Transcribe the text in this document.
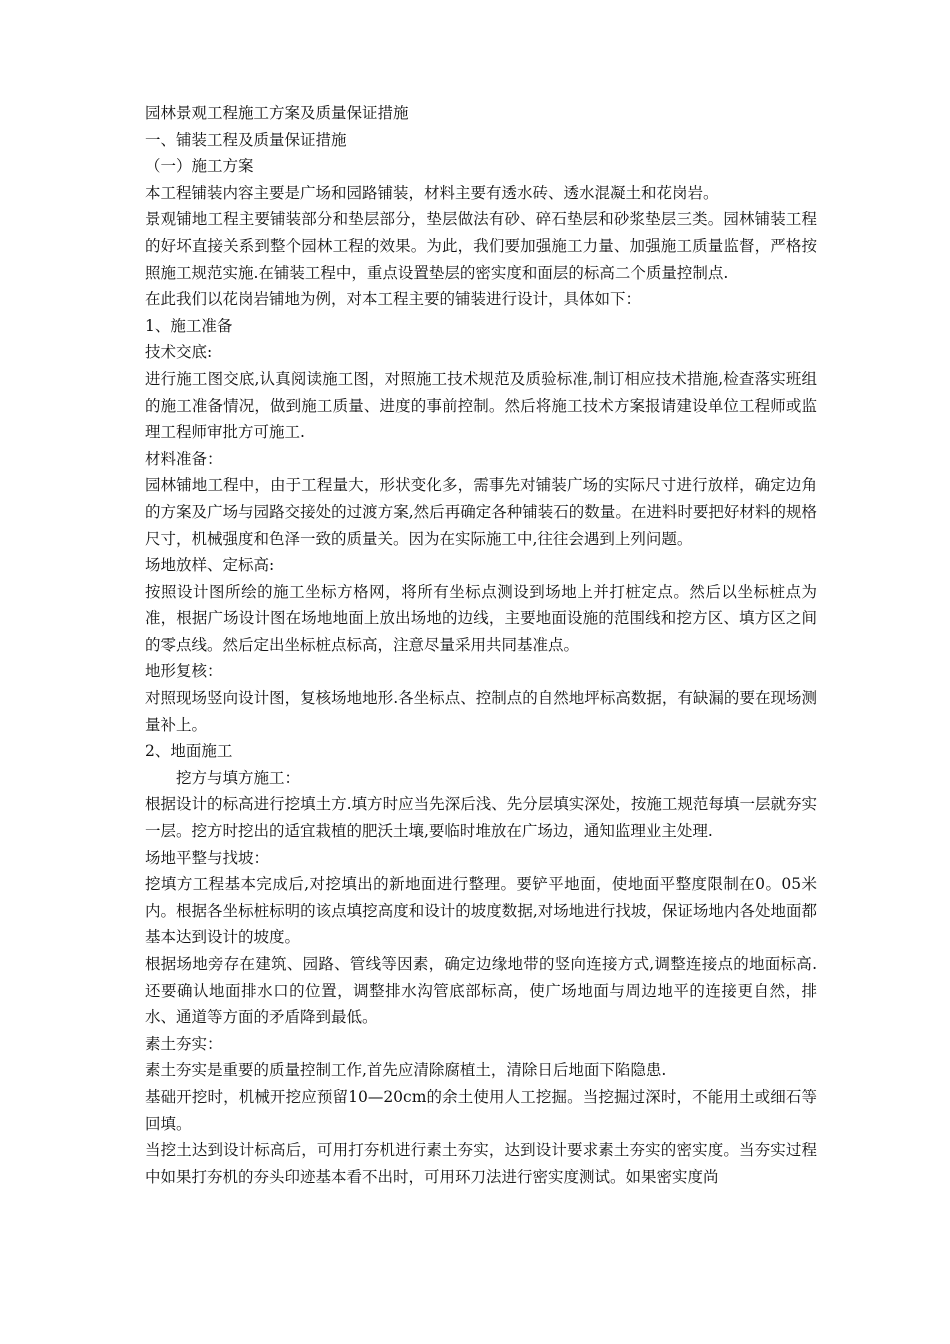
园林景观工程施工方案及质量保证措施

一、铺装工程及质量保证措施

（一）施工方案

本工程铺装内容主要是广场和园路铺装，材料主要有透水砖、透水混凝土和花岗岩。

景观铺地工程主要铺装部分和垫层部分，垫层做法有砂、碎石垫层和砂浆垫层三类。园林铺装工程的好坏直接关系到整个园林工程的效果。为此，我们要加强施工力量、加强施工质量监督，严格按照施工规范实施.在铺装工程中，重点设置垫层的密实度和面层的标高二个质量控制点.

在此我们以花岗岩铺地为例，对本工程主要的铺装进行设计，具体如下：

1、施工准备

技术交底:

进行施工图交底,认真阅读施工图，对照施工技术规范及质验标准,制订相应技术措施,检查落实班组的施工准备情况，做到施工质量、进度的事前控制。然后将施工技术方案报请建设单位工程师或监理工程师审批方可施工.

材料准备：

园林铺地工程中，由于工程量大，形状变化多，需事先对铺装广场的实际尺寸进行放样，确定边角的方案及广场与园路交接处的过渡方案,然后再确定各种铺装石的数量。在进料时要把好材料的规格尺寸，机械强度和色泽一致的质量关。因为在实际施工中,往往会遇到上列问题。

场地放样、定标高:

按照设计图所绘的施工坐标方格网，将所有坐标点测设到场地上并打桩定点。然后以坐标桩点为准，根据广场设计图在场地地面上放出场地的边线，主要地面设施的范围线和挖方区、填方区之间的零点线。然后定出坐标桩点标高，注意尽量采用共同基准点。

地形复核：

对照现场竖向设计图，复核场地地形.各坐标点、控制点的自然地坪标高数据，有缺漏的要在现场测量补上。

2、地面施工

挖方与填方施工：

根据设计的标高进行挖填土方.填方时应当先深后浅、先分层填实深处，按施工规范每填一层就夯实一层。挖方时挖出的适宜栽植的肥沃土壤,要临时堆放在广场边，通知监理业主处理.

场地平整与找坡：

挖填方工程基本完成后,对挖填出的新地面进行整理。要铲平地面，使地面平整度限制在0。05米内。根据各坐标桩标明的该点填挖高度和设计的坡度数据,对场地进行找坡，保证场地内各处地面都基本达到设计的坡度。

根据场地旁存在建筑、园路、管线等因素，确定边缘地带的竖向连接方式,调整连接点的地面标高.还要确认地面排水口的位置，调整排水沟管底部标高，使广场地面与周边地平的连接更自然，排水、通道等方面的矛盾降到最低。

素土夯实：

素土夯实是重要的质量控制工作,首先应清除腐植土，清除日后地面下陷隐患.

基础开挖时，机械开挖应预留10—20cm的余土使用人工挖掘。当挖掘过深时，不能用土或细石等回填。

当挖土达到设计标高后，可用打夯机进行素土夯实，达到设计要求素土夯实的密实度。当夯实过程中如果打夯机的夯头印迹基本看不出时，可用环刀法进行密实度测试。如果密实度尚
